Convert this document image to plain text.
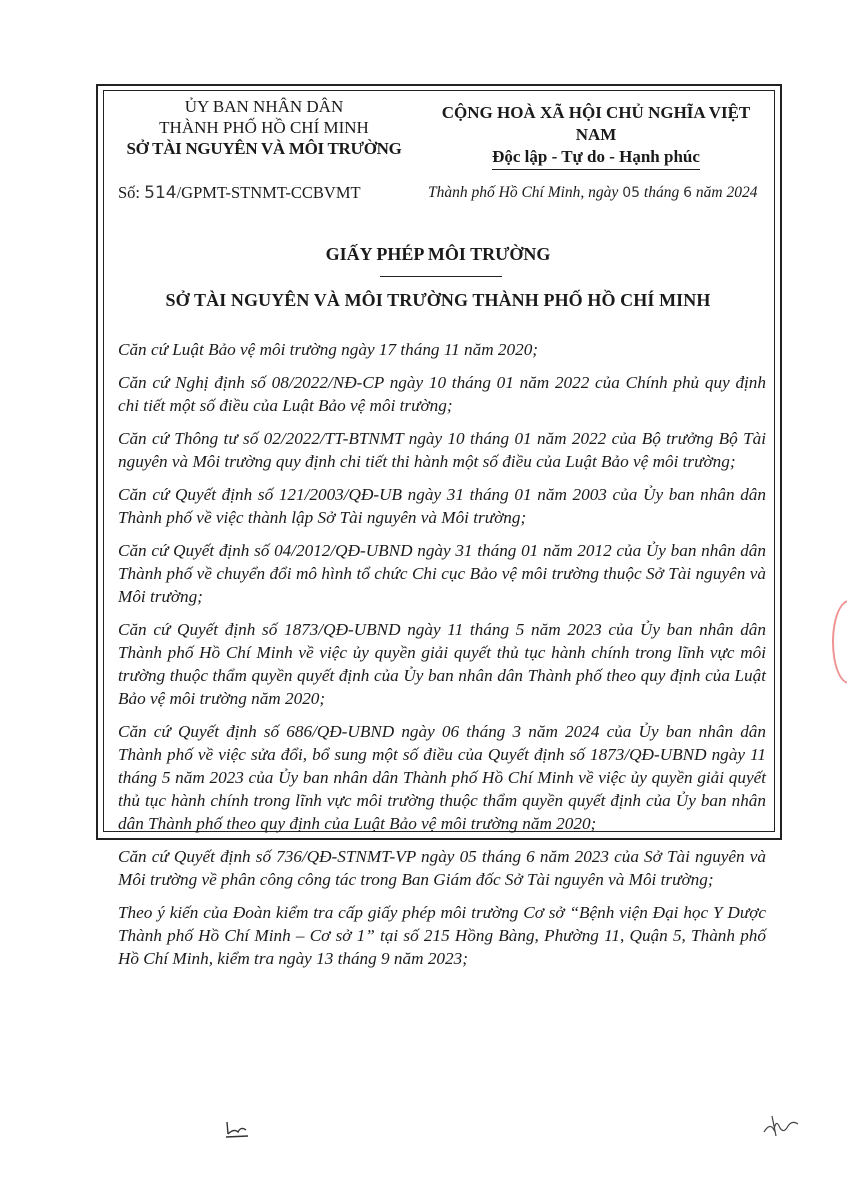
ỦY BAN NHÂN DÂN
THÀNH PHỐ HỒ CHÍ MINH
SỞ TÀI NGUYÊN VÀ MÔI TRƯỜNG
CỘNG HOÀ XÃ HỘI CHỦ NGHĨA VIỆT NAM
Độc lập - Tự do - Hạnh phúc
Số: 514/GPMT-STNMT-CCBVMT	Thành phố Hồ Chí Minh, ngày 05 tháng 6 năm 2024
GIẤY PHÉP MÔI TRƯỜNG
SỞ TÀI NGUYÊN VÀ MÔI TRƯỜNG THÀNH PHỐ HỒ CHÍ MINH

Căn cứ Luật Bảo vệ môi trường ngày 17 tháng 11 năm 2020;

Căn cứ Nghị định số 08/2022/NĐ-CP ngày 10 tháng 01 năm 2022 của Chính phủ quy định chi tiết một số điều của Luật Bảo vệ môi trường;

Căn cứ Thông tư số 02/2022/TT-BTNMT ngày 10 tháng 01 năm 2022 của Bộ trưởng Bộ Tài nguyên và Môi trường quy định chi tiết thi hành một số điều của Luật Bảo vệ môi trường;

Căn cứ Quyết định số 121/2003/QĐ-UB ngày 31 tháng 01 năm 2003 của Ủy ban nhân dân Thành phố về việc thành lập Sở Tài nguyên và Môi trường;

Căn cứ Quyết định số 04/2012/QĐ-UBND ngày 31 tháng 01 năm 2012 của Ủy ban nhân dân Thành phố về chuyển đổi mô hình tổ chức Chi cục Bảo vệ môi trường thuộc Sở Tài nguyên và Môi trường;

Căn cứ Quyết định số 1873/QĐ-UBND ngày 11 tháng 5 năm 2023 của Ủy ban nhân dân Thành phố Hồ Chí Minh về việc ủy quyền giải quyết thủ tục hành chính trong lĩnh vực môi trường thuộc thẩm quyền quyết định của Ủy ban nhân dân Thành phố theo quy định của Luật Bảo vệ môi trường năm 2020;

Căn cứ Quyết định số 686/QĐ-UBND ngày 06 tháng 3 năm 2024 của Ủy ban nhân dân Thành phố về việc sửa đổi, bổ sung một số điều của Quyết định số 1873/QĐ-UBND ngày 11 tháng 5 năm 2023 của Ủy ban nhân dân Thành phố Hồ Chí Minh về việc ủy quyền giải quyết thủ tục hành chính trong lĩnh vực môi trường thuộc thẩm quyền quyết định của Ủy ban nhân dân Thành phố theo quy định của Luật Bảo vệ môi trường năm 2020;

Căn cứ Quyết định số 736/QĐ-STNMT-VP ngày 05 tháng 6 năm 2023 của Sở Tài nguyên và Môi trường về phân công công tác trong Ban Giám đốc Sở Tài nguyên và Môi trường;

Theo ý kiến của Đoàn kiểm tra cấp giấy phép môi trường Cơ sở “Bệnh viện Đại học Y Dược Thành phố Hồ Chí Minh – Cơ sở 1” tại số 215 Hồng Bàng, Phường 11, Quận 5, Thành phố Hồ Chí Minh, kiểm tra ngày 13 tháng 9 năm 2023;
